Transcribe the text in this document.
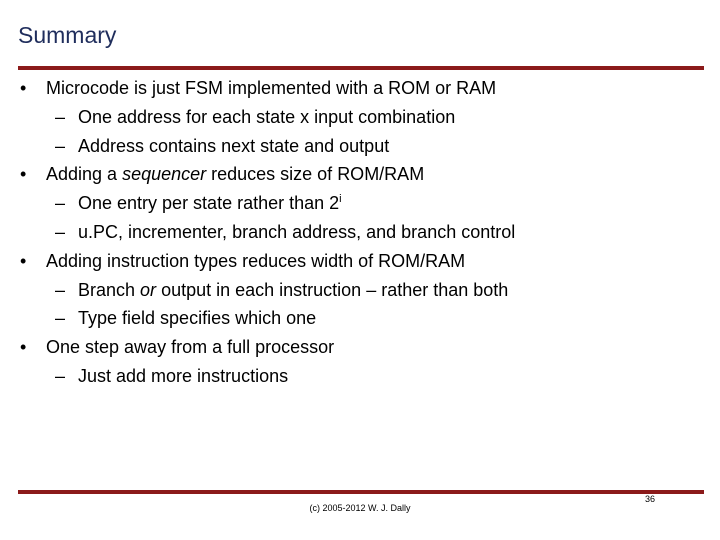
Summary
•	Microcode is just FSM implemented with a ROM or RAM
– One address for each state x input combination
– Address contains next state and output
•	Adding a sequencer reduces size of ROM/RAM
– One entry per state rather than 2$^i$
– u.PC, incrementer, branch address, and branch control
•	Adding instruction types reduces width of ROM/RAM
– Branch or output in each instruction – rather than both
– Type field specifies which one
•	One step away from a full processor
– Just add more instructions
(c) 2005-2012 W. J. Dally
36
